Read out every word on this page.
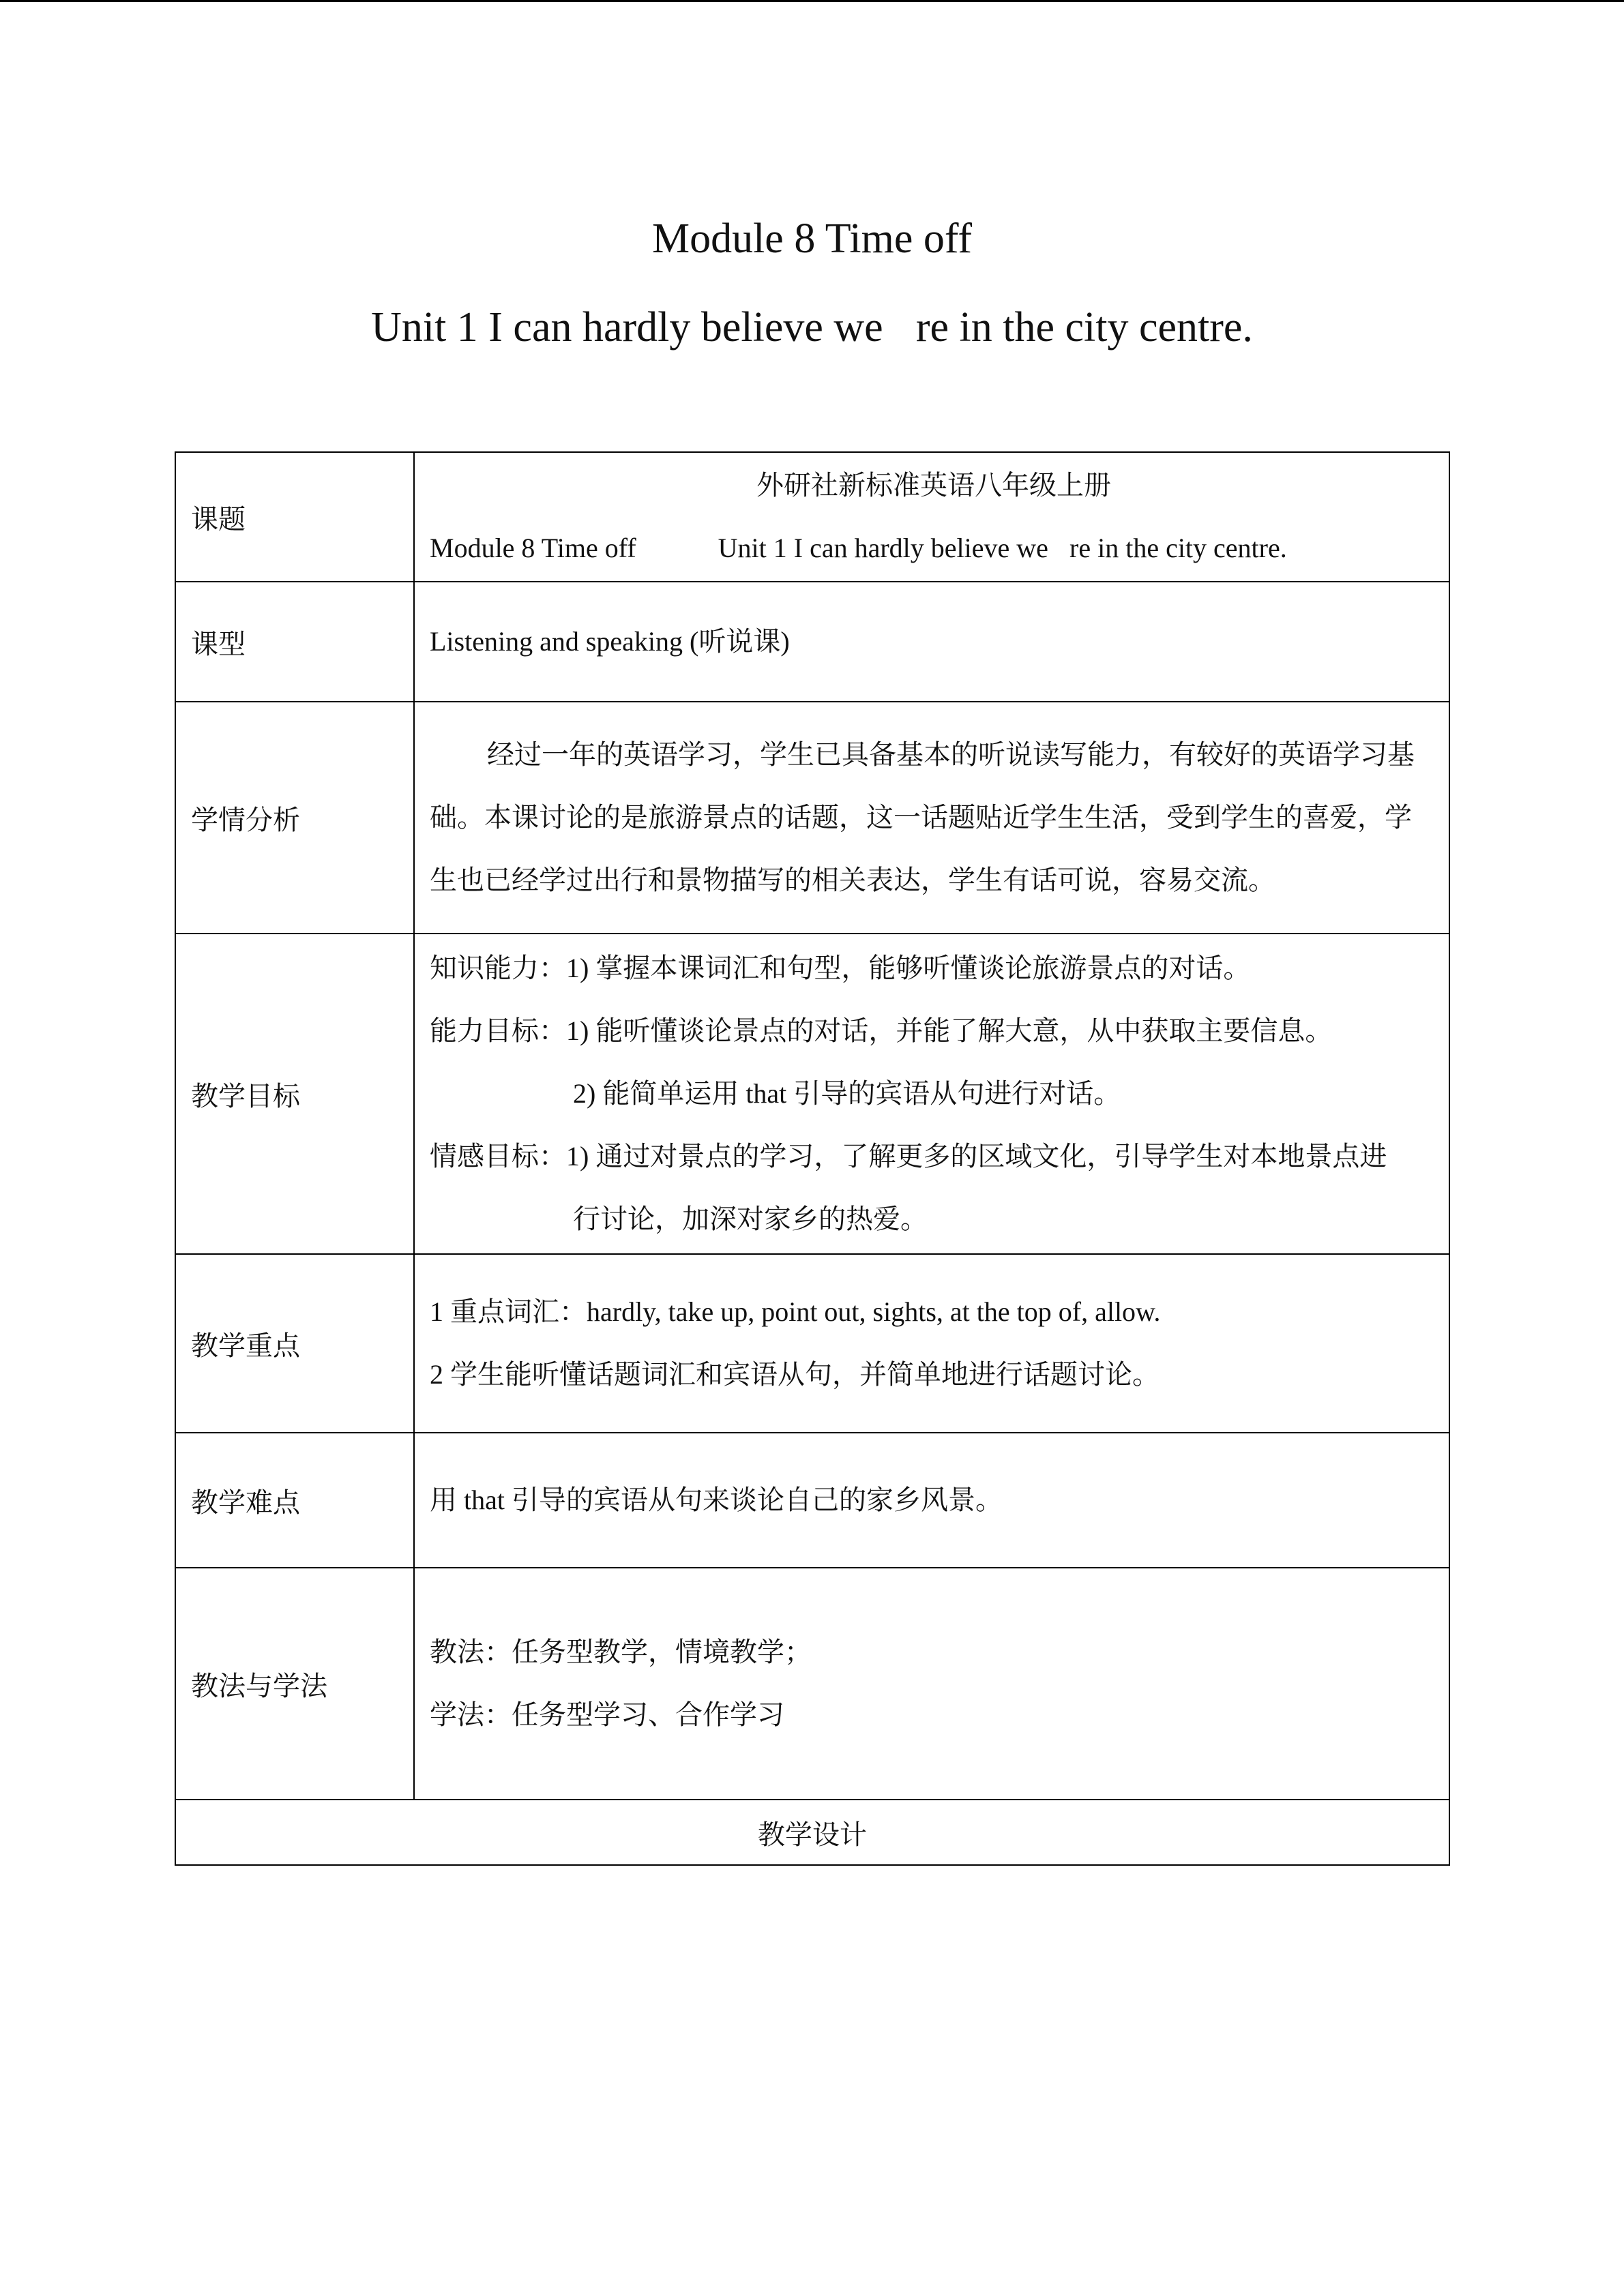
Module 8 Time off
Unit 1 I can hardly believe we re in the city centre.
课题	外研社新标准英语八年级上册
Module 8 Time off Unit 1 I can hardly believe we re in the city centre.

课型	Listening and speaking (听说课)

学情分析	经过一年的英语学习，学生已具备基本的听说读写能力，有较好的英语学习基础。本课讨论的是旅游景点的话题，这一话题贴近学生生活，受到学生的喜爱，学生也已经学过出行和景物描写的相关表达，学生有话可说，容易交流。

教学目标	知识能力：1) 掌握本课词汇和句型，能够听懂谈论旅游景点的对话。
能力目标：1) 能听懂谈论景点的对话，并能了解大意，从中获取主要信息。
2) 能简单运用 that 引导的宾语从句进行对话。
情感目标：1) 通过对景点的学习，了解更多的区域文化，引导学生对本地景点进
行讨论，加深对家乡的热爱。

教学重点	1 重点词汇：hardly, take up, point out, sights, at the top of, allow.
2 学生能听懂话题词汇和宾语从句，并简单地进行话题讨论。

教学难点	用 that 引导的宾语从句来谈论自己的家乡风景。

教法与学法	教法：任务型教学，情境教学；
学法：任务型学习、合作学习

教学设计	
